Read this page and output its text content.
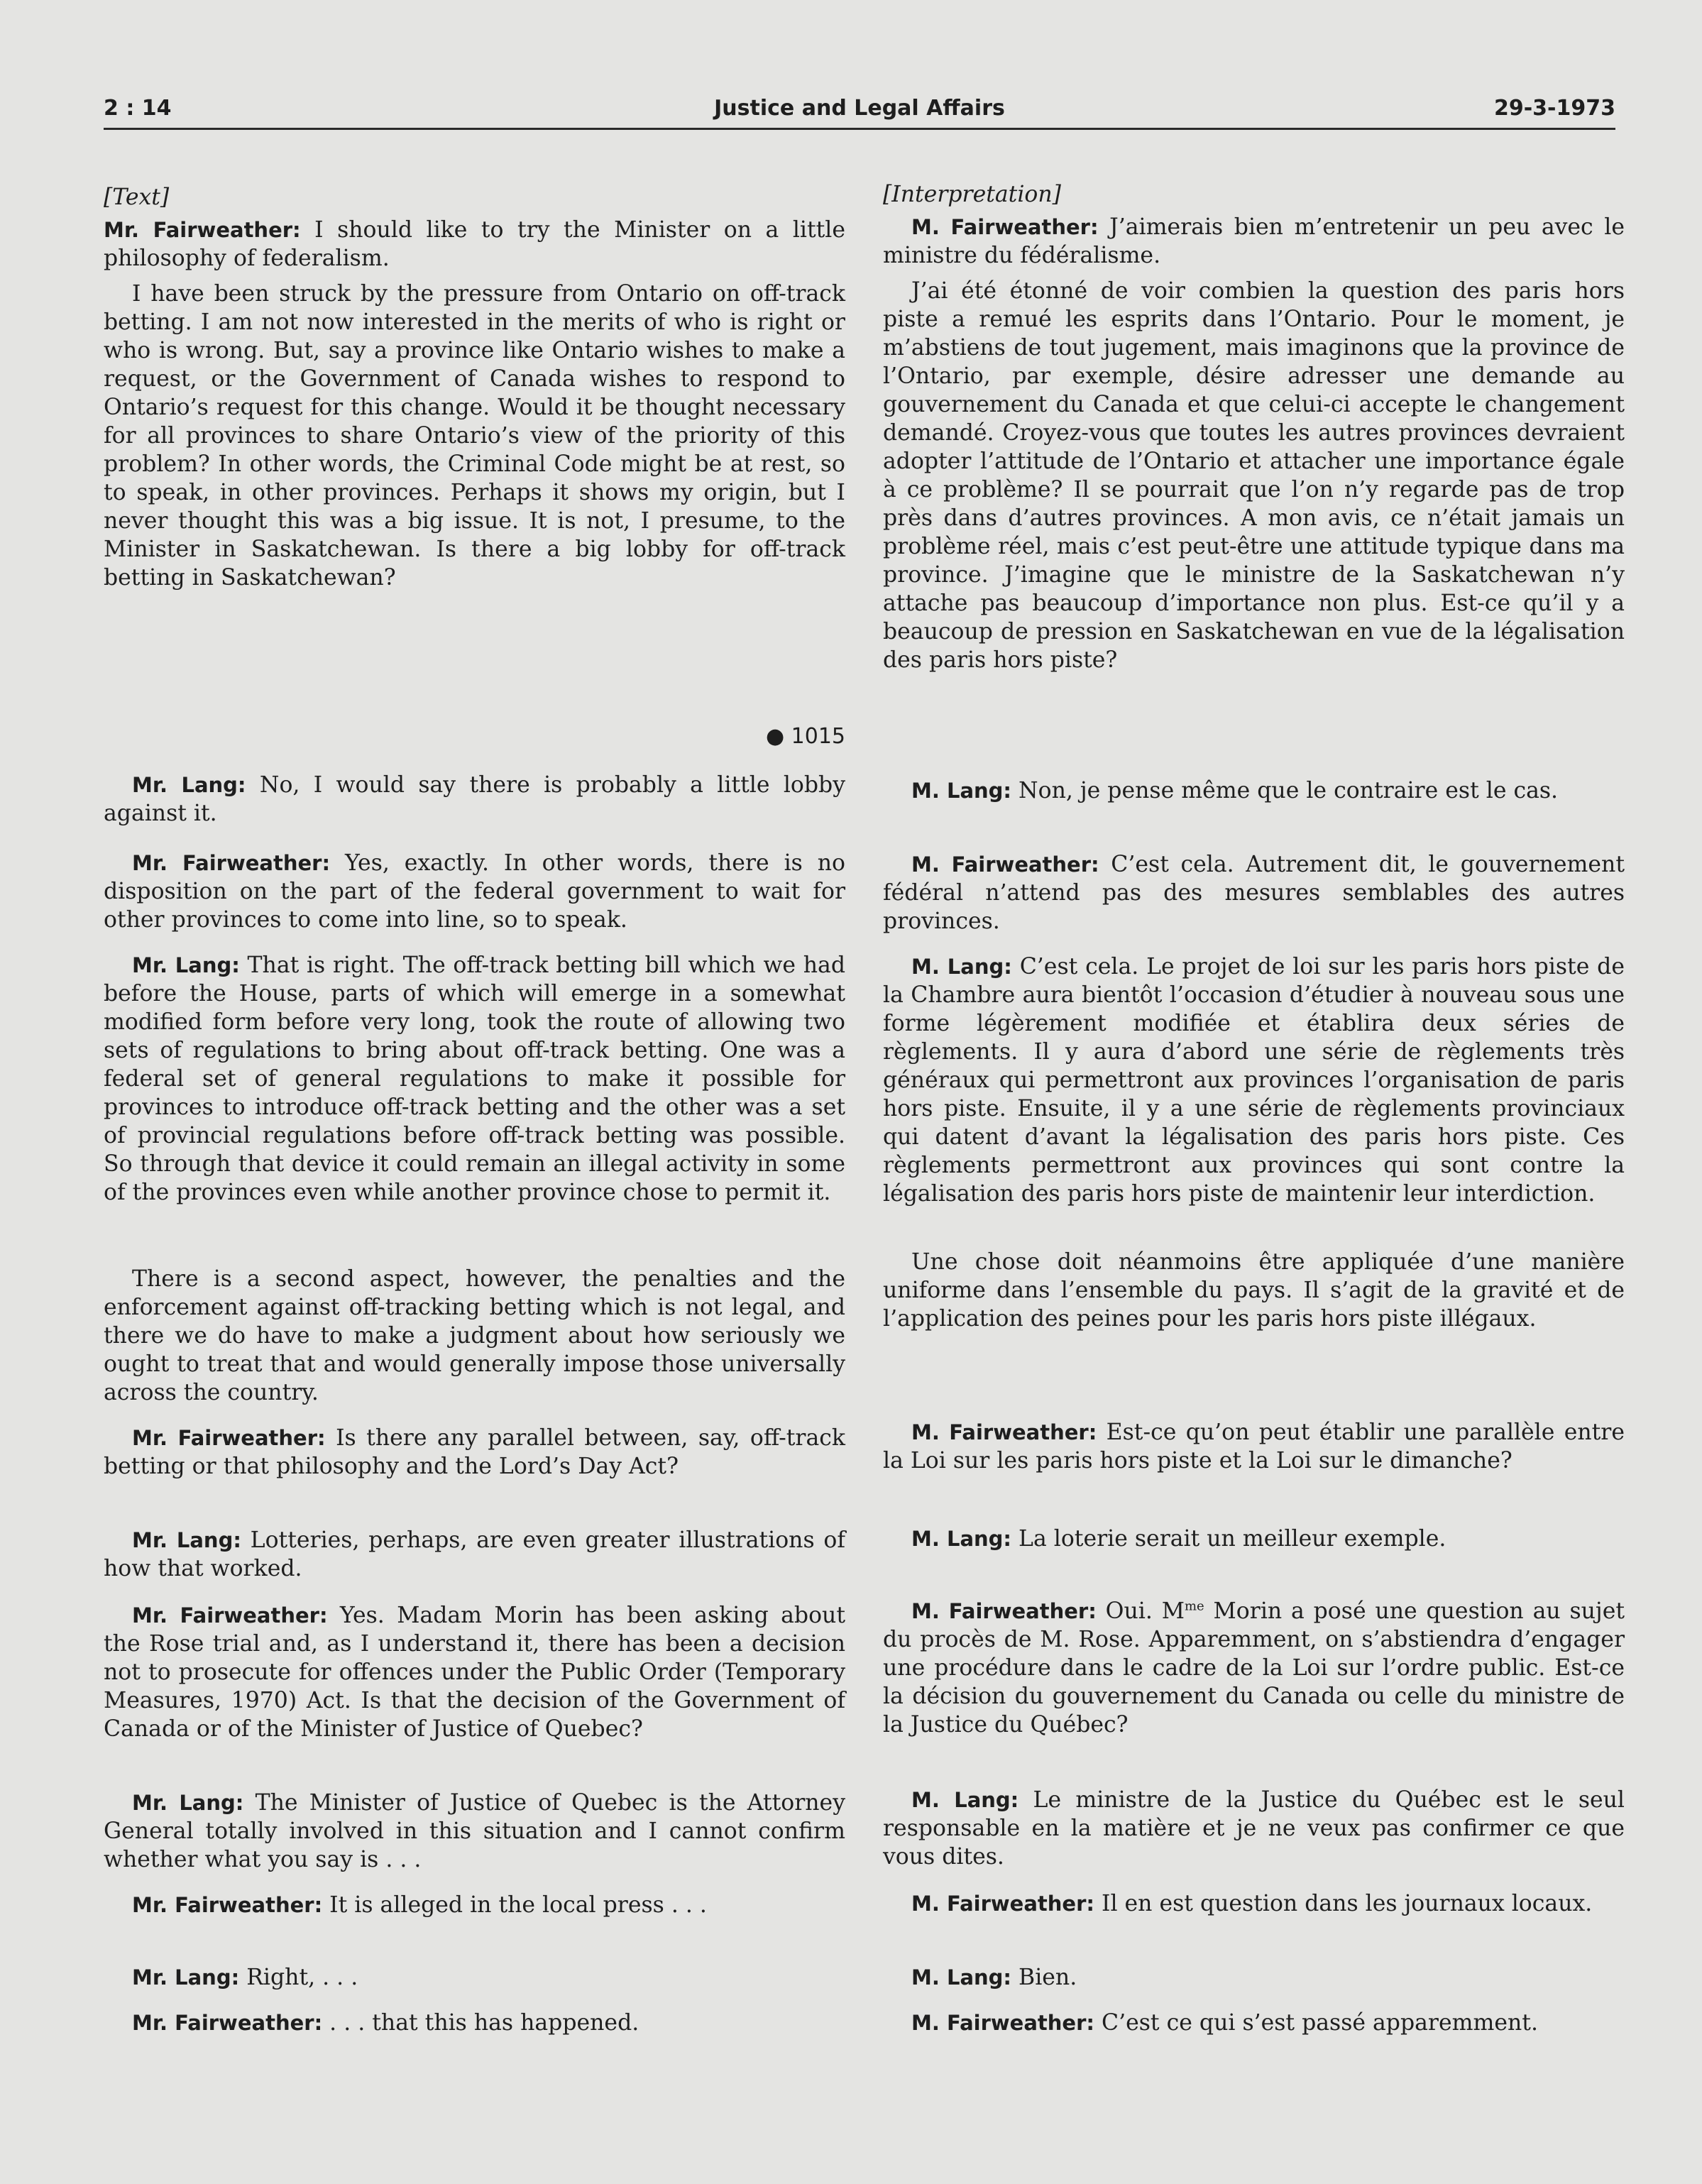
2 : 14	Justice and Legal Affairs	29-3-1973

[Text]

Mr. Fairweather: I should like to try the Minister on a little philosophy of federalism.

I have been struck by the pressure from Ontario on off-track betting. I am not now interested in the merits of who is right or who is wrong. But, say a province like Ontario wishes to make a request, or the Government of Canada wishes to respond to Ontario’s request for this change. Would it be thought necessary for all provinces to share Ontario’s view of the priority of this problem? In other words, the Criminal Code might be at rest, so to speak, in other provinces. Perhaps it shows my origin, but I never thought this was a big issue. It is not, I presume, to the Minister in Saskatchewan. Is there a big lobby for off-track betting in Saskatchewan?

● 1015

Mr. Lang: No, I would say there is probably a little lobby against it.

Mr. Fairweather: Yes, exactly. In other words, there is no disposition on the part of the federal government to wait for other provinces to come into line, so to speak.

Mr. Lang: That is right. The off-track betting bill which we had before the House, parts of which will emerge in a somewhat modified form before very long, took the route of allowing two sets of regulations to bring about off-track betting. One was a federal set of general regulations to make it possible for provinces to introduce off-track betting and the other was a set of provincial regulations before off-track betting was possible. So through that device it could remain an illegal activity in some of the provinces even while another province chose to permit it.

There is a second aspect, however, the penalties and the enforcement against off-tracking betting which is not legal, and there we do have to make a judgment about how seriously we ought to treat that and would generally impose those universally across the country.

Mr. Fairweather: Is there any parallel between, say, off-track betting or that philosophy and the Lord’s Day Act?

Mr. Lang: Lotteries, perhaps, are even greater illustrations of how that worked.

Mr. Fairweather: Yes. Madam Morin has been asking about the Rose trial and, as I understand it, there has been a decision not to prosecute for offences under the Public Order (Temporary Measures, 1970) Act. Is that the decision of the Government of Canada or of the Minister of Justice of Quebec?

Mr. Lang: The Minister of Justice of Quebec is the Attorney General totally involved in this situation and I cannot confirm whether what you say is . . .

Mr. Fairweather: It is alleged in the local press . . .

Mr. Lang: Right, . . .

Mr. Fairweather: . . . that this has happened.

[Interpretation]

M. Fairweather: J’aimerais bien m’entretenir un peu avec le ministre du fédéralisme.

J’ai été étonné de voir combien la question des paris hors piste a remué les esprits dans l’Ontario. Pour le moment, je m’abstiens de tout jugement, mais imaginons que la province de l’Ontario, par exemple, désire adresser une demande au gouvernement du Canada et que celui-ci accepte le changement demandé. Croyez-vous que toutes les autres provinces devraient adopter l’attitude de l’Ontario et attacher une importance égale à ce problème? Il se pourrait que l’on n’y regarde pas de trop près dans d’autres provinces. A mon avis, ce n’était jamais un problème réel, mais c’est peut-être une attitude typique dans ma province. J’imagine que le ministre de la Saskatchewan n’y attache pas beaucoup d’importance non plus. Est-ce qu’il y a beaucoup de pression en Saskatchewan en vue de la légalisation des paris hors piste?

M. Lang: Non, je pense même que le contraire est le cas.

M. Fairweather: C’est cela. Autrement dit, le gouvernement fédéral n’attend pas des mesures semblables des autres provinces.

M. Lang: C’est cela. Le projet de loi sur les paris hors piste de la Chambre aura bientôt l’occasion d’étudier à nouveau sous une forme légèrement modifiée et établira deux séries de règlements. Il y aura d’abord une série de règlements très généraux qui permettront aux provinces l’organisation de paris hors piste. Ensuite, il y a une série de règlements provinciaux qui datent d’avant la légalisation des paris hors piste. Ces règlements permettront aux provinces qui sont contre la légalisation des paris hors piste de maintenir leur interdiction.

Une chose doit néanmoins être appliquée d’une manière uniforme dans l’ensemble du pays. Il s’agit de la gravité et de l’application des peines pour les paris hors piste illégaux.

M. Fairweather: Est-ce qu’on peut établir une parallèle entre la Loi sur les paris hors piste et la Loi sur le dimanche?

M. Lang: La loterie serait un meilleur exemple.

M. Fairweather: Oui. $M^{me}$ Morin a posé une question au sujet du procès de M. Rose. Apparemment, on s’abstiendra d’engager une procédure dans le cadre de la Loi sur l’ordre public. Est-ce la décision du gouvernement du Canada ou celle du ministre de la Justice du Québec?

M. Lang: Le ministre de la Justice du Québec est le seul responsable en la matière et je ne veux pas confirmer ce que vous dites.

M. Fairweather: Il en est question dans les journaux locaux.

M. Lang: Bien.

M. Fairweather: C’est ce qui s’est passé apparemment.
